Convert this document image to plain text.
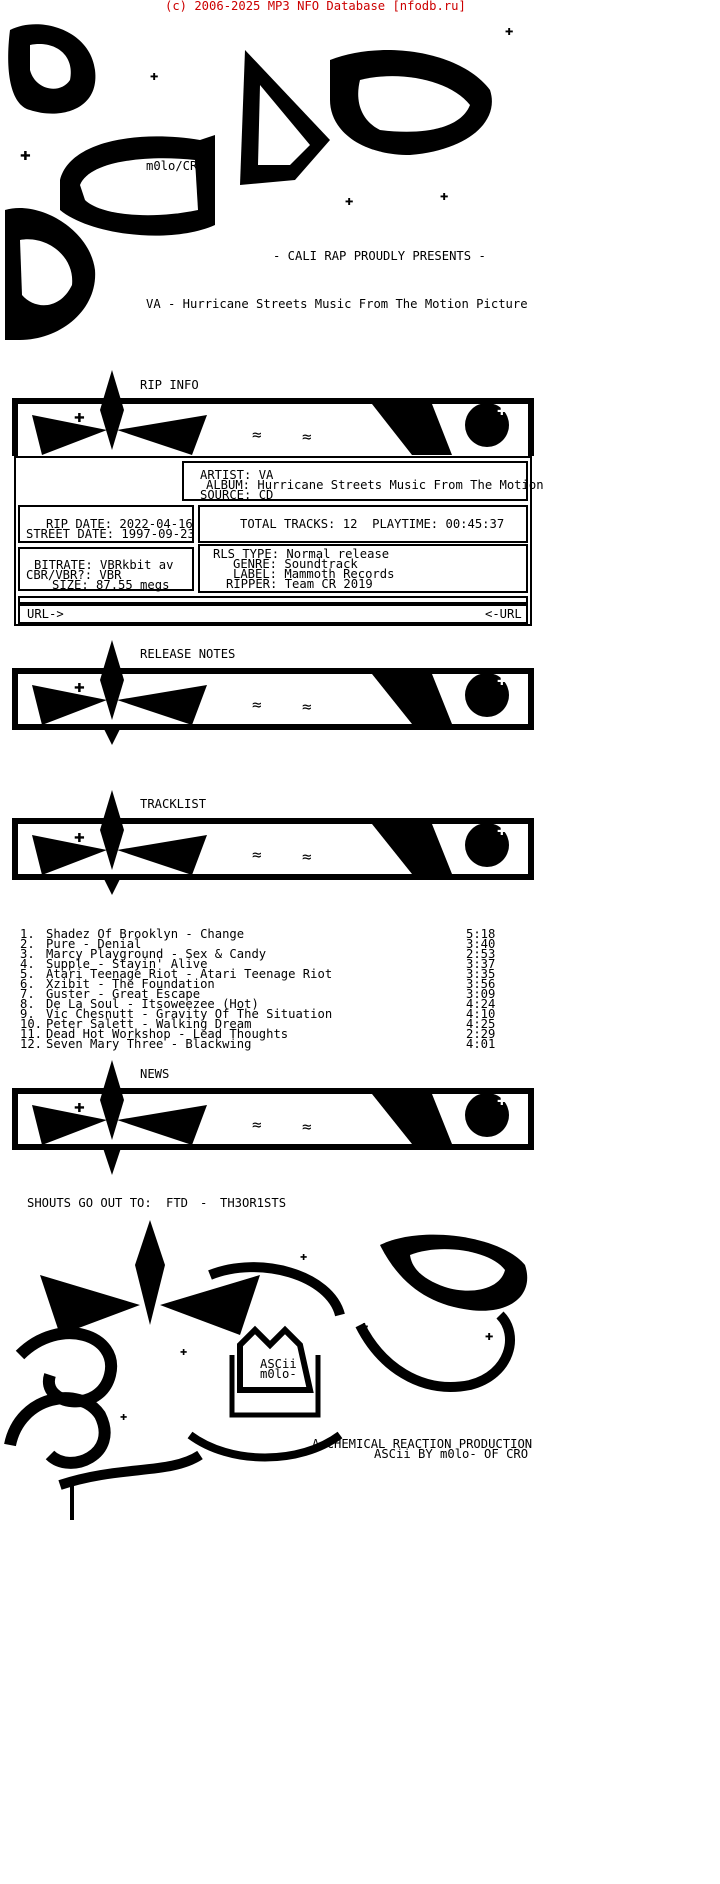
(c) 2006-2025 MP3 NFO Database [nfodb.ru]
✚
✚
✚	✚
✚
m0lo/CRO
- CALI RAP PROUDLY PRESENTS -
VA - Hurricane Streets Music From The Motion Picture
RIP INFO
✚	✚
≈	≈
ARTIST: VA
ALBUM: Hurricane Streets Music From The Motion
SOURCE: CD
RIP DATE: 2022-04-16
STREET DATE: 1997-09-23
TOTAL TRACKS: 12 PLAYTIME: 00:45:37
BITRATE: VBRkbit av
CBR/VBR?: VBR
SIZE: 87.55 megs
RLS TYPE: Normal release
GENRE: Soundtrack
LABEL: Mammoth Records
RIPPER: Team CR 2019
URL->	<-URL
RELEASE NOTES
✚	✚
≈	≈
TRACKLIST
✚	✚
≈	≈
1. Shadez Of Brooklyn - Change	5:18
2. Pure - Denial	3:40
3. Marcy Playground - Sex & Candy	2:53
4. Supple - Stayin' Alive	3:37
5. Atari Teenage Riot - Atari Teenage Riot	3:35
6. Xzibit - The Foundation	3:56
7. Guster - Great Escape	3:09
8. De La Soul - Itsoweezee (Hot)	4:24
9. Vic Chesnutt - Gravity Of The Situation	4:10
10. Peter Salett - Walking Dream	4:25
11. Dead Hot Workshop - Lead Thoughts	2:29
12. Seven Mary Three - Blackwing	4:01
NEWS
✚	✚
≈	≈
SHOUTS GO OUT TO: FTD - TH3OR1STS
✚
✚
✚
✚
✚
✚
ASCii
m0lo-
A CHEMICAL REACTION PRODUCTION
ASCii BY m0lo- OF CRO
